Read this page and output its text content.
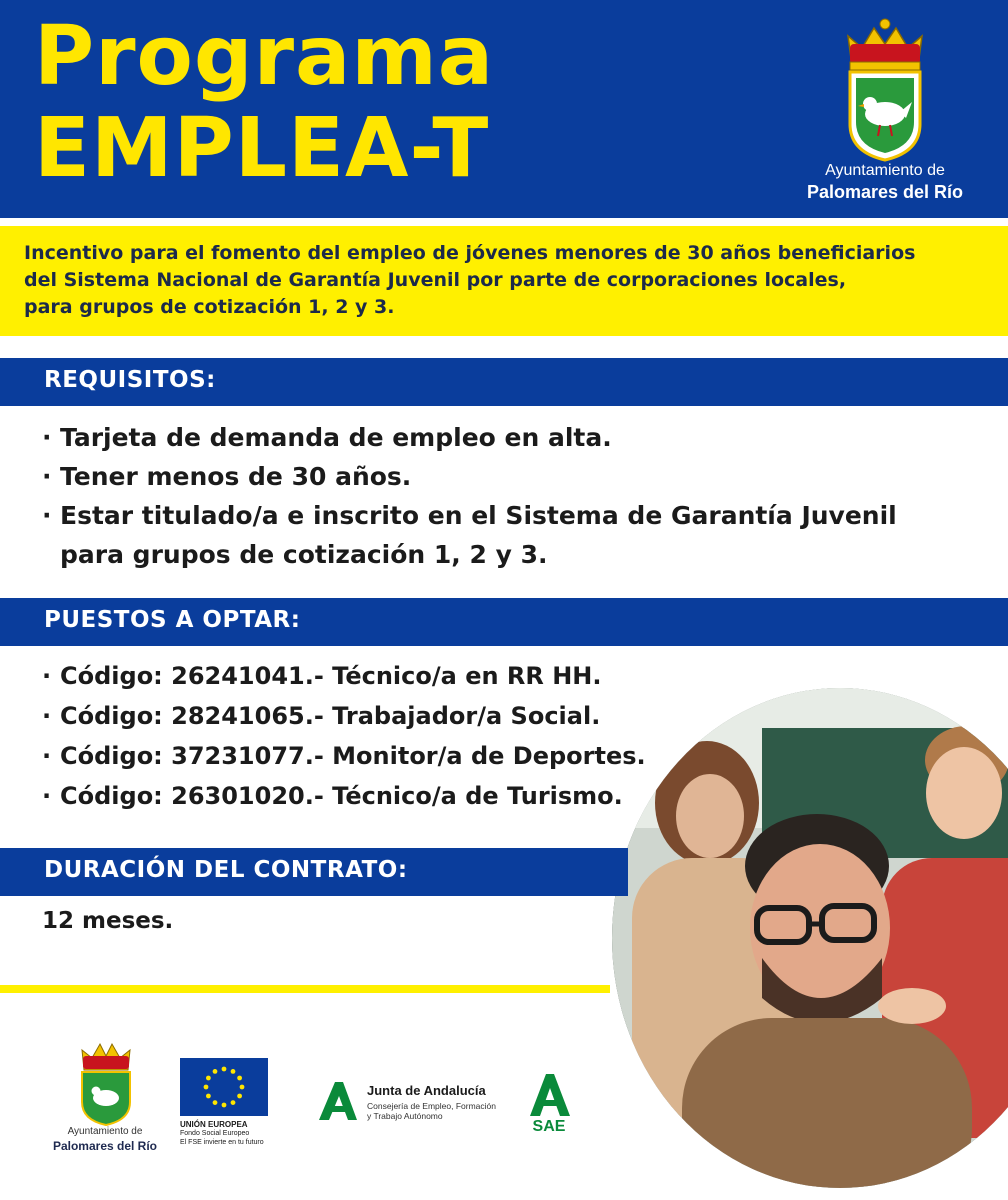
Programa
EMPLEA-T	Ayuntamiento de
Palomares del Río
Incentivo para el fomento del empleo de jóvenes menores de 30 años beneficiarios
del Sistema Nacional de Garantía Juvenil por parte de corporaciones locales,
para grupos de cotización 1, 2 y 3.
REQUISITOS:
· Tarjeta de demanda de empleo en alta.
· Tener menos de 30 años.
· Estar titulado/a e inscrito en el Sistema de Garantía Juvenil
para grupos de cotización 1, 2 y 3.
PUESTOS A OPTAR:
· Código: 26241041.- Técnico/a en RR HH.
· Código: 28241065.- Trabajador/a Social.
· Código: 37231077.- Monitor/a de Deportes.
· Código: 26301020.- Técnico/a de Turismo.
DURACIÓN DEL CONTRATO:
12 meses.
Ayuntamiento de
Palomares del Río
UNIÓN EUROPEA
Fondo Social Europeo
El FSE invierte en tu futuro
Junta de Andalucía
Consejería de Empleo, Formación
y Trabajo Autónomo
SAE
